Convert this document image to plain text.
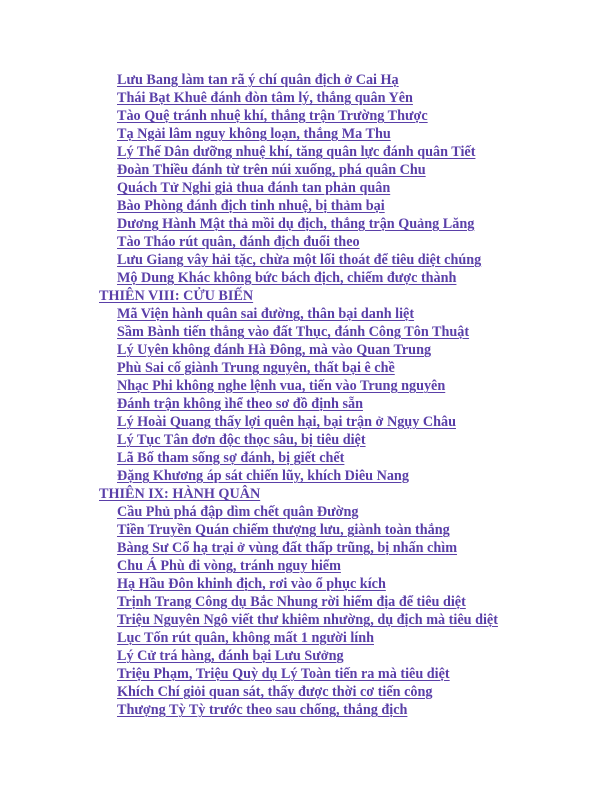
Lưu Bang làm tan rã ý chí quân địch ở Cai Hạ
Thái Bạt Khuê đánh đòn tâm lý, thắng quân Yên
Tào Quệ tránh nhuệ khí, thắng trận Trường Thược
Tạ Ngải lâm nguy không loạn, thắng Ma Thu
Lý Thế Dân dưỡng nhuệ khí, tăng quân lực đánh quân Tiết
Đoàn Thiều đánh từ trên núi xuống, phá quân Chu
Quách Tử Nghi giả thua đánh tan phản quân
Bào Phòng đánh địch tinh nhuệ, bị thảm bại
Dương Hành Mật thả mồi dụ địch, thắng trận Quảng Lăng
Tào Tháo rút quân, đánh địch đuổi theo
Lưu Giang vây hải tặc, chừa một lối thoát để tiêu diệt chúng
Mộ Dung Khác không bức bách địch, chiếm được thành
THIÊN VIII: CỬU BIẾN
Mã Viện hành quân sai đường, thân bại danh liệt
Sầm Bành tiến thẳng vào đất Thục, đánh Công Tôn Thuật
Lý Uyên không đánh Hà Đông, mà vào Quan Trung
Phù Sai cố giành Trung nguyên, thất bại ê chề
Nhạc Phi không nghe lệnh vua, tiến vào Trung nguyên
Đánh trận không ìhể theo sơ đồ định sẵn
Lý Hoài Quang thấy lợi quên hại, bại trận ở Ngụy Châu
Lý Tục Tân đơn độc thọc sâu, bị tiêu diệt
Lã Bố tham sống sợ đánh, bị giết chết
Đặng Khương áp sát chiến lũy, khích Diêu Nang
THIÊN IX: HÀNH QUÂN
Cầu Phủ phá đập dìm chết quân Đường
Tiền Truyền Quán chiếm thượng lưu, giành toàn thắng
Bàng Sư Cổ hạ trại ở vùng đất thấp trũng, bị nhấn chìm
Chu Á Phù đi vòng, tránh nguy hiểm
Hạ Hầu Đôn khinh địch, rơi vào ổ phục kích
Trịnh Trang Công dụ Bắc Nhung rời hiểm địa để tiêu diệt
Triệu Nguyên Ngô viết thư khiêm nhường, dụ địch mà tiêu diệt
Lục Tốn rút quân, không mất 1 người lính
Lý Cử trá hàng, đánh bại Lưu Sưởng
Triệu Phạm, Triệu Quỳ dụ Lý Toàn tiến ra mà tiêu diệt
Khích Chí giỏi quan sát, thấy được thời cơ tiến công
Thượng Tỳ Tỳ trước theo sau chống, thắng địch
